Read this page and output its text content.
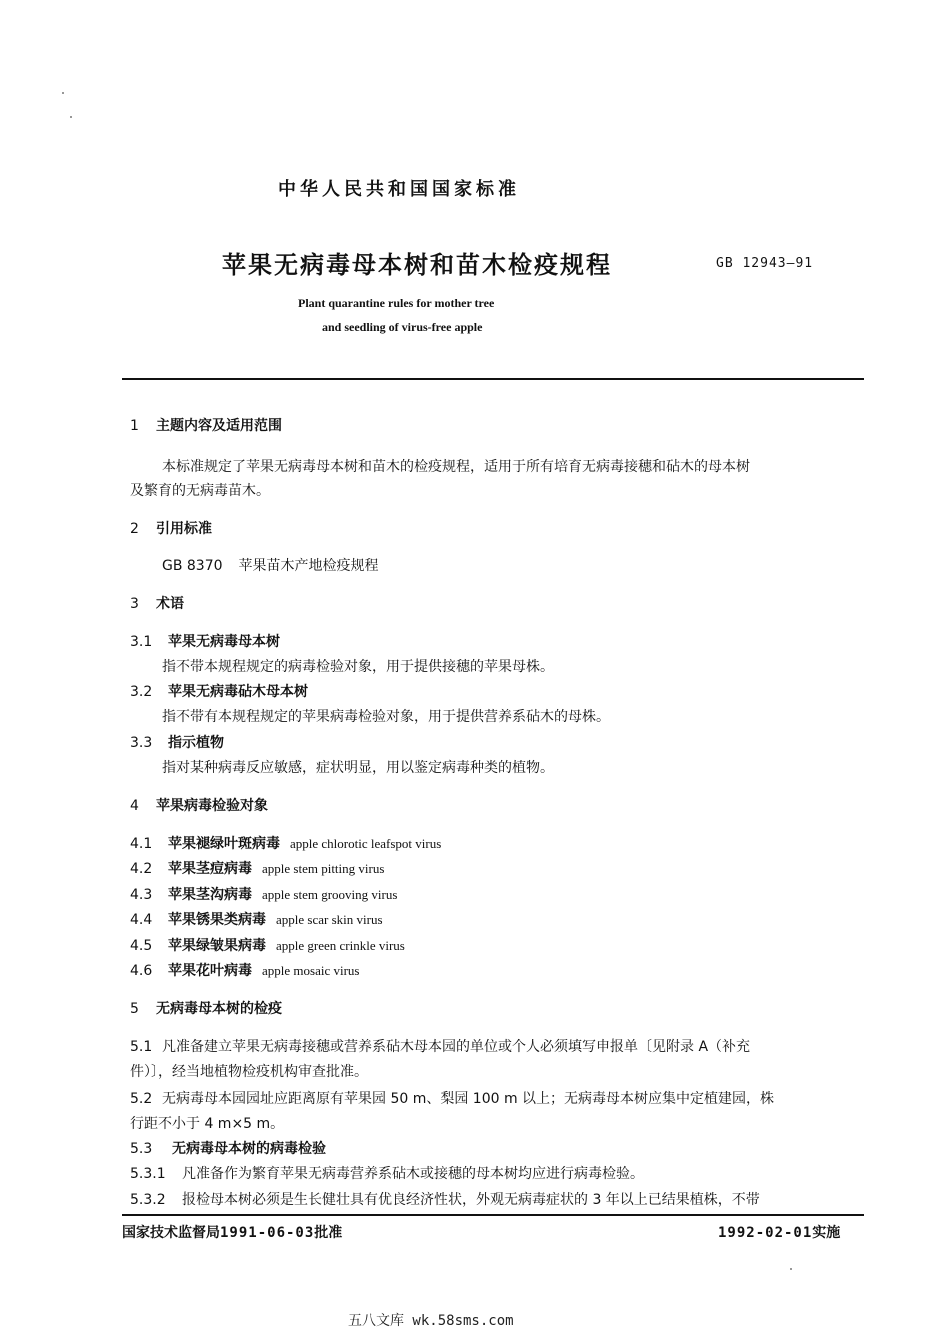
中华人民共和国国家标准
苹果无病毒母本树和苗木检疫规程	GB 12943—91
Plant quarantine rules for mother tree
and seedling of virus-free apple
1 主题内容及适用范围
本标准规定了苹果无病毒母本树和苗木的检疫规程，适用于所有培育无病毒接穗和砧木的母本树
及繁育的无病毒苗木。
2 引用标准
GB 8370 苹果苗木产地检疫规程
3 术语
3.1 苹果无病毒母本树
指不带本规程规定的病毒检验对象，用于提供接穗的苹果母株。
3.2 苹果无病毒砧木母本树
指不带有本规程规定的苹果病毒检验对象，用于提供营养系砧木的母株。
3.3 指示植物
指对某种病毒反应敏感，症状明显，用以鉴定病毒种类的植物。
4 苹果病毒检验对象
4.1 苹果褪绿叶斑病毒 apple chlorotic leafspot virus
4.2 苹果茎痘病毒 apple stem pitting virus
4.3 苹果茎沟病毒 apple stem grooving virus
4.4 苹果锈果类病毒 apple scar skin virus
4.5 苹果绿皱果病毒 apple green crinkle virus
4.6 苹果花叶病毒 apple mosaic virus
5 无病毒母本树的检疫
5.1 凡准备建立苹果无病毒接穗或营养系砧木母本园的单位或个人必须填写申报单〔见附录 A（补充
件）〕，经当地植物检疫机构审查批准。
5.2 无病毒母本园园址应距离原有苹果园 50 m、梨园 100 m 以上；无病毒母本树应集中定植建园，株
行距不小于 4 m×5 m。
5.3 无病毒母本树的病毒检验
5.3.1 凡准备作为繁育苹果无病毒营养系砧木或接穗的母本树均应进行病毒检验。
5.3.2 报检母本树必须是生长健壮具有优良经济性状，外观无病毒症状的 3 年以上已结果植株，不带
国家技术监督局1991-06-03批准	1992-02-01实施
五八文库 wk.58sms.com
